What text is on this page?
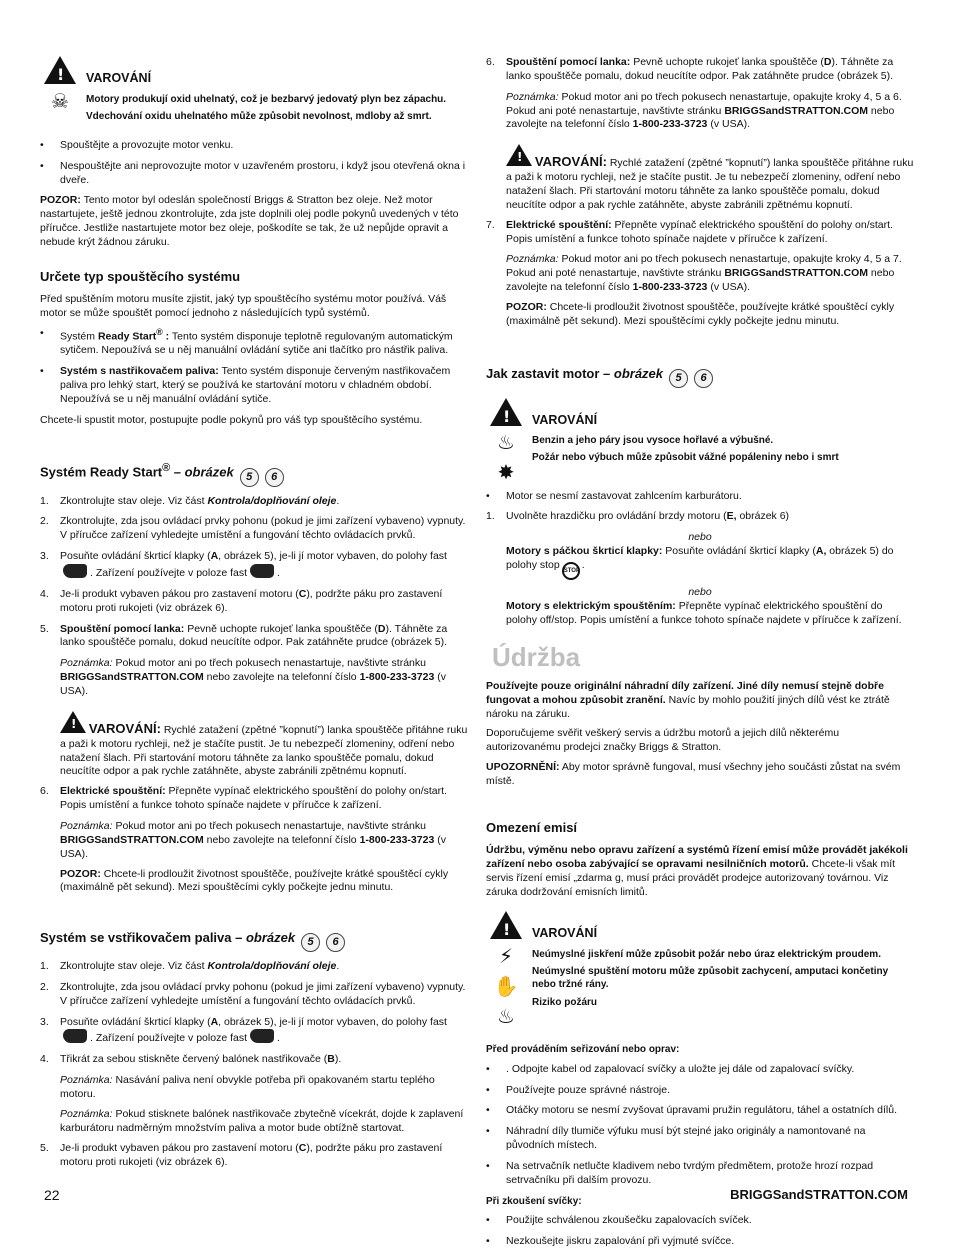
!
☠
VAROVÁNÍ

Motory produkují oxid uhelnatý, což je bezbarvý jedovatý plyn bez zápachu.

Vdechování oxidu uhelnatého může způsobit nevolnost, mdloby až smrt.

• Spouštějte a provozujte motor venku.
• Nespouštějte ani neprovozujte motor v uzavřeném prostoru, i když jsou otevřená okna i dveře.

POZOR: Tento motor byl odeslán společností Briggs & Stratton bez oleje. Než motor nastartujete, ještě jednou zkontrolujte, zda jste doplnili olej podle pokynů uvedených v této příručce. Jestliže nastartujete motor bez oleje, poškodíte se tak, že už nepůjde opravit a nebude krýt žádnou záruku.

Určete typ spouštěcího systému

Před spuštěním motoru musíte zjistit, jaký typ spouštěcího systému motor používá. Váš motor se může spouštět pomocí jednoho z následujících typů systémů.

• Systém Ready Start® : Tento systém disponuje teplotně regulovaným automatickým sytičem. Nepoužívá se u něj manuální ovládání sytiče ani tlačítko pro nástřik paliva.
• Systém s nastřikovačem paliva: Tento systém disponuje červeným nastřikovačem paliva pro lehký start, který se používá ke startování motoru v chladném období. Nepoužívá se u něj manuální ovládání sytiče.

Chcete-li spustit motor, postupujte podle pokynů pro váš typ spouštěcího systému.

Systém Ready Start® – obrázek 5 6
1. Zkontrolujte stav oleje. Viz část Kontrola/doplňování oleje.
2. Zkontrolujte, zda jsou ovládací prvky pohonu (pokud je jimi zařízení vybaveno) vypnuty. V příručce zařízení vyhledejte umístění a fungování těchto ovládacích prvků.
3. Posuňte ovládání škrticí klapky (A, obrázek 5), je-li jí motor vybaven, do polohy fast
. Zařízení používejte v poloze fast	.
4. Je-li produkt vybaven pákou pro zastavení motoru (C), podržte páku pro zastavení motoru proti rukojeti (viz obrázek 6).
5. Spouštění pomocí lanka: Pevně uchopte rukojeť lanka spouštěče (D). Táhněte za lanko spouštěče pomalu, dokud neucítíte odpor. Pak zatáhněte prudce (obrázek 5).

Poznámka: Pokud motor ani po třech pokusech nenastartuje, navštivte stránku BRIGGSandSTRATTON.COM nebo zavolejte na telefonní číslo 1-800-233-3723 (v USA).

! VAROVÁNÍ: Rychlé zatažení (zpětné ”kopnutí”) lanka spouštěče přitáhne ruku a paži k motoru rychleji, než je stačíte pustit. Je tu nebezpečí zlomeniny, odření nebo natažení šlach. Při startování motoru táhněte za lanko spouštěče pomalu, dokud neucítíte odpor a pak rychle zatáhněte, abyste zabránili zpětnému kopnutí.

6. Elektrické spouštění: Přepněte vypínač elektrického spouštění do polohy on/start. Popis umístění a funkce tohoto spínače najdete v příručce k zařízení.

Poznámka: Pokud motor ani po třech pokusech nenastartuje, navštivte stránku BRIGGSandSTRATTON.COM nebo zavolejte na telefonní číslo 1-800-233-3723 (v USA).

POZOR: Chcete-li prodloužit životnost spouštěče, používejte krátké spouštěcí cykly (maximálně pět sekund). Mezi spouštěcími cykly počkejte jednu minutu.

Systém se vstřikovačem paliva – obrázek 5 6
1. Zkontrolujte stav oleje. Viz část Kontrola/doplňování oleje.
2. Zkontrolujte, zda jsou ovládací prvky pohonu (pokud je jimi zařízení vybaveno) vypnuty. V příručce zařízení vyhledejte umístění a fungování těchto ovládacích prvků.
3. Posuňte ovládání škrticí klapky (A, obrázek 5), je-li jí motor vybaven, do polohy fast
. Zařízení používejte v poloze fast	.
4. Třikrát za sebou stiskněte červený balónek nastřikovače (B).

Poznámka: Nasávání paliva není obvykle potřeba při opakovaném startu teplého motoru.

Poznámka: Pokud stisknete balónek nastřikovače zbytečně vícekrát, dojde k zaplavení karburátoru nadměrným množstvím paliva a motor bude obtížně startovat.

5. Je-li produkt vybaven pákou pro zastavení motoru (C), podržte páku pro zastavení motoru proti rukojeti (viz obrázek 6).
6. Spouštění pomocí lanka: Pevně uchopte rukojeť lanka spouštěče (D). Táhněte za lanko spouštěče pomalu, dokud neucítíte odpor. Pak zatáhněte prudce (obrázek 5).

Poznámka: Pokud motor ani po třech pokusech nenastartuje, opakujte kroky 4, 5 a 6. Pokud ani poté nenastartuje, navštivte stránku BRIGGSandSTRATTON.COM nebo zavolejte na telefonní číslo 1-800-233-3723 (v USA).

! VAROVÁNÍ: Rychlé zatažení (zpětné ”kopnutí”) lanka spouštěče přitáhne ruku a paži k motoru rychleji, než je stačíte pustit. Je tu nebezpečí zlomeniny, odření nebo natažení šlach. Při startování motoru táhněte za lanko spouštěče pomalu, dokud neucítíte odpor a pak rychle zatáhněte, abyste zabránili zpětnému kopnutí.

7. Elektrické spouštění: Přepněte vypínač elektrického spouštění do polohy on/start. Popis umístění a funkce tohoto spínače najdete v příručce k zařízení.

Poznámka: Pokud motor ani po třech pokusech nenastartuje, opakujte kroky 4, 5 a 7. Pokud ani poté nenastartuje, navštivte stránku BRIGGSandSTRATTON.COM nebo zavolejte na telefonní číslo 1-800-233-3723 (v USA).

POZOR: Chcete-li prodloužit životnost spouštěče, používejte krátké spouštěcí cykly (maximálně pět sekund). Mezi spouštěcími cykly počkejte jednu minutu.

Jak zastavit motor – obrázek 5 6
!
♨
✸
VAROVÁNÍ

Benzin a jeho páry jsou vysoce hořlavé a výbušné.

Požár nebo výbuch může způsobit vážné popáleniny nebo i smrt

• Motor se nesmí zastavovat zahlcením karburátoru.
1. Uvolněte hrazdičku pro ovládání brzdy motoru (E, obrázek 6)

nebo

Motory s páčkou škrticí klapky: Posuňte ovládání škrticí klapky (A, obrázek 5) do polohy stop STOP .

nebo

Motory s elektrickým spouštěním: Přepněte vypínač elektrického spouštění do polohy off/stop. Popis umístění a funkce tohoto spínače najdete v příručce k zařízení.

Údržba

Používejte pouze originální náhradní díly zařízení. Jiné díly nemusí stejně dobře fungovat a mohou způsobit zranění. Navíc by mohlo použití jiných dílů vést ke ztrátě nároku na záruku.

Doporučujeme svěřit veškerý servis a údržbu motorů a jejich dílů některému autorizovanému prodejci značky Briggs & Stratton.

UPOZORNĚNÍ: Aby motor správně fungoval, musí všechny jeho součásti zůstat na svém místě.

Omezení emisí

Údržbu, výměnu nebo opravu zařízení a systémů řízení emisí může provádět jakékoli zařízení nebo osoba zabývající se opravami nesilničních motorů. Chcete-li však mít servis řízení emisí „zdarma g, musí práci provádět prodejce autorizovaný továrnou. Viz záruka dodržování emisních limitů.

!
⚡
✋
♨
VAROVÁNÍ

Neúmyslné jiskření může způsobit požár nebo úraz elektrickým proudem.

Neúmyslné spuštění motoru může způsobit zachycení, amputaci končetiny nebo tržné rány.

Riziko požáru

Před prováděním seřizování nebo oprav:

• . Odpojte kabel od zapalovací svíčky a uložte jej dále od zapalovací svíčky.
• Používejte pouze správné nástroje.
• Otáčky motoru se nesmí zvyšovat úpravami pružin regulátoru, táhel a ostatních dílů.
• Náhradní díly tlumiče výfuku musí být stejné jako originály a namontované na původních místech.
• Na setrvačník netlučte kladivem nebo tvrdým předmětem, protože hrozí rozpad setrvačníku při dalším provozu.

Při zkoušení svíčky:

• Použijte schválenou zkoušečku zapalovacích svíček.
• Nezkoušejte jiskru zapalování při vyjmuté svíčce.
22	BRIGGSandSTRATTON.COM
